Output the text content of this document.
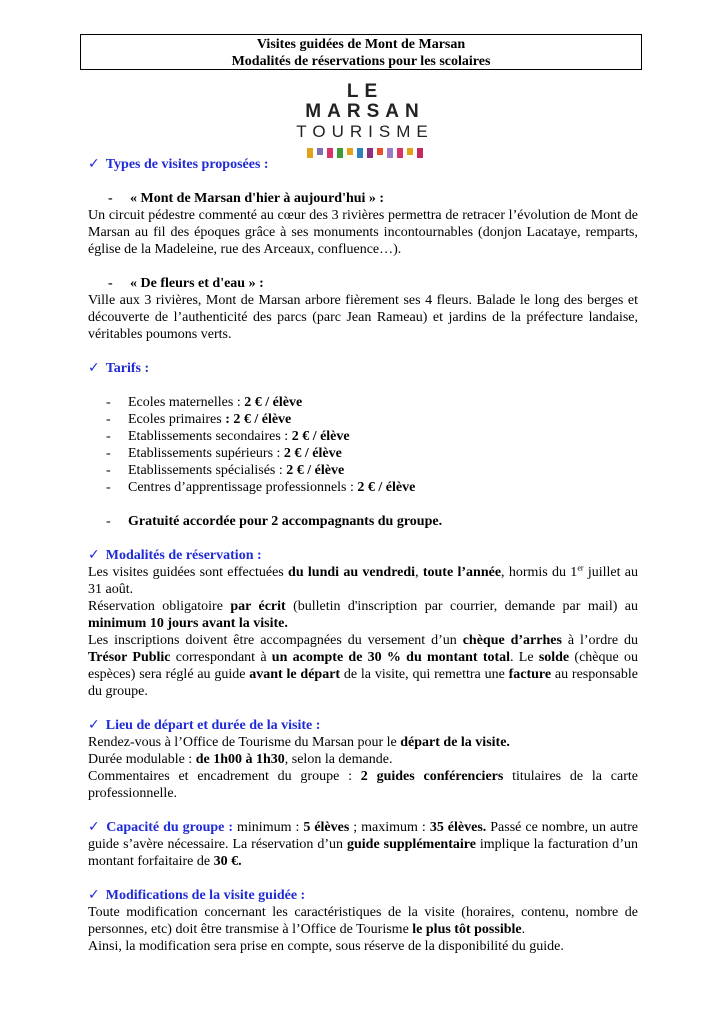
Visites guidées de Mont de Marsan
Modalités de réservations pour les scolaires
LE MARSAN
TOURISME

✓ Types de visites proposées :

- « Mont de Marsan d'hier à aujourd'hui » :

Un circuit pédestre commenté au cœur des 3 rivières permettra de retracer l’évolution de Mont de Marsan au fil des époques grâce à ses monuments incontournables (donjon Lacataye, remparts, église de la Madeleine, rue des Arceaux, confluence…).

- « De fleurs et d'eau » :

Ville aux 3 rivières, Mont de Marsan arbore fièrement ses 4 fleurs. Balade le long des berges et découverte de l’authenticité des parcs (parc Jean Rameau) et jardins de la préfecture landaise, véritables poumons verts.

✓ Tarifs :

- Ecoles maternelles : 2 € / élève

- Ecoles primaires : 2 € / élève

- Etablissements secondaires : 2 € / élève

- Etablissements supérieurs : 2 € / élève

- Etablissements spécialisés : 2 € / élève

- Centres d’apprentissage professionnels : 2 € / élève

- Gratuité accordée pour 2 accompagnants du groupe.

✓ Modalités de réservation :

Les visites guidées sont effectuées du lundi au vendredi, toute l’année, hormis du 1er juillet au 31 août.

Réservation obligatoire par écrit (bulletin d'inscription par courrier, demande par mail) au minimum 10 jours avant la visite.

Les inscriptions doivent être accompagnées du versement d’un chèque d’arrhes à l’ordre du Trésor Public correspondant à un acompte de 30 % du montant total. Le solde (chèque ou espèces) sera réglé au guide avant le départ de la visite, qui remettra une facture au responsable du groupe.

✓ Lieu de départ et durée de la visite :

Rendez-vous à l’Office de Tourisme du Marsan pour le départ de la visite.

Durée modulable : de 1h00 à 1h30, selon la demande.

Commentaires et encadrement du groupe : 2 guides conférenciers titulaires de la carte professionnelle.

✓ Capacité du groupe : minimum : 5 élèves ; maximum : 35 élèves. Passé ce nombre, un autre guide s’avère nécessaire. La réservation d’un guide supplémentaire implique la facturation d’un montant forfaitaire de 30 €.

✓ Modifications de la visite guidée :

Toute modification concernant les caractéristiques de la visite (horaires, contenu, nombre de personnes, etc) doit être transmise à l’Office de Tourisme le plus tôt possible.

Ainsi, la modification sera prise en compte, sous réserve de la disponibilité du guide.
